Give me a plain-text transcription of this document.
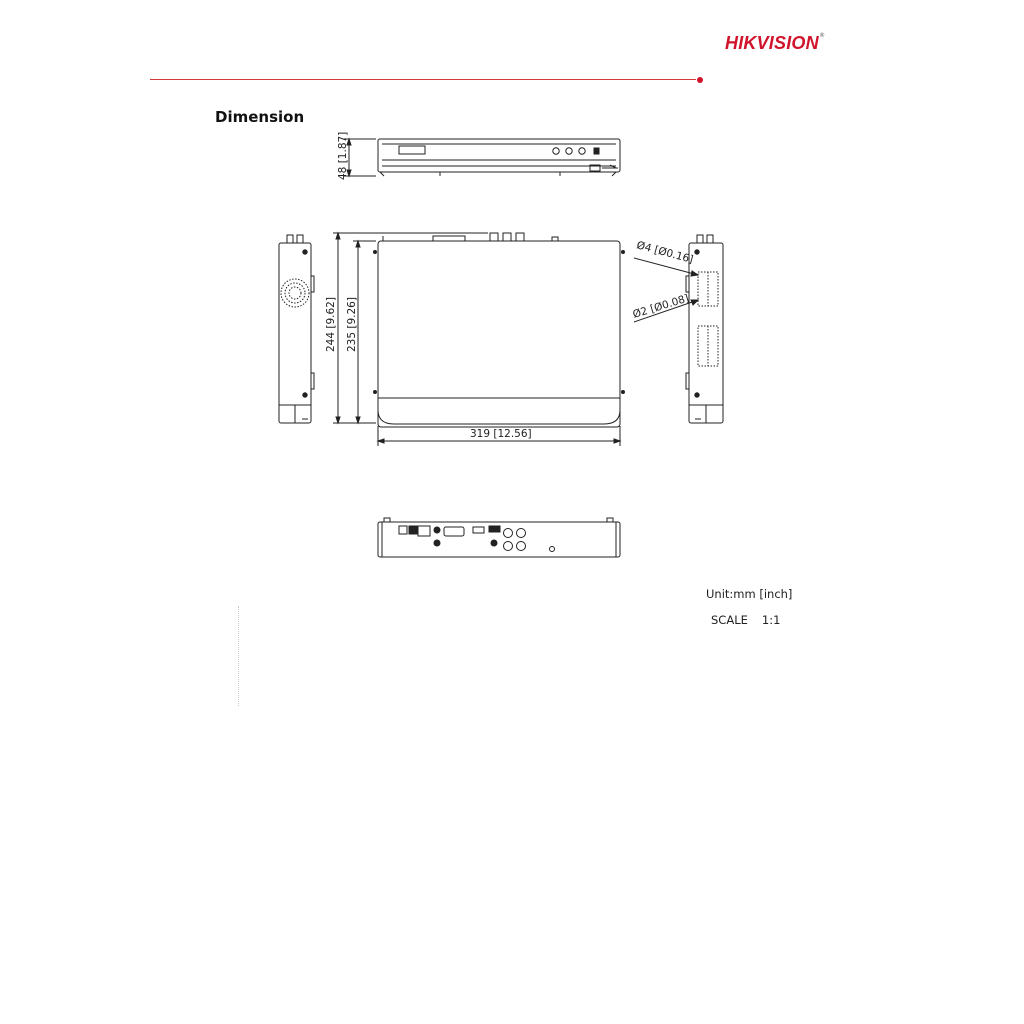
HIKVISION®
Dimension
48 [1.87]
244 [9.62] 235 [9.26]
319 [12.56]
Ø4 [Ø0.16]
Ø2 [Ø0.08]
Unit:mm [inch]
SCALE 1:1
